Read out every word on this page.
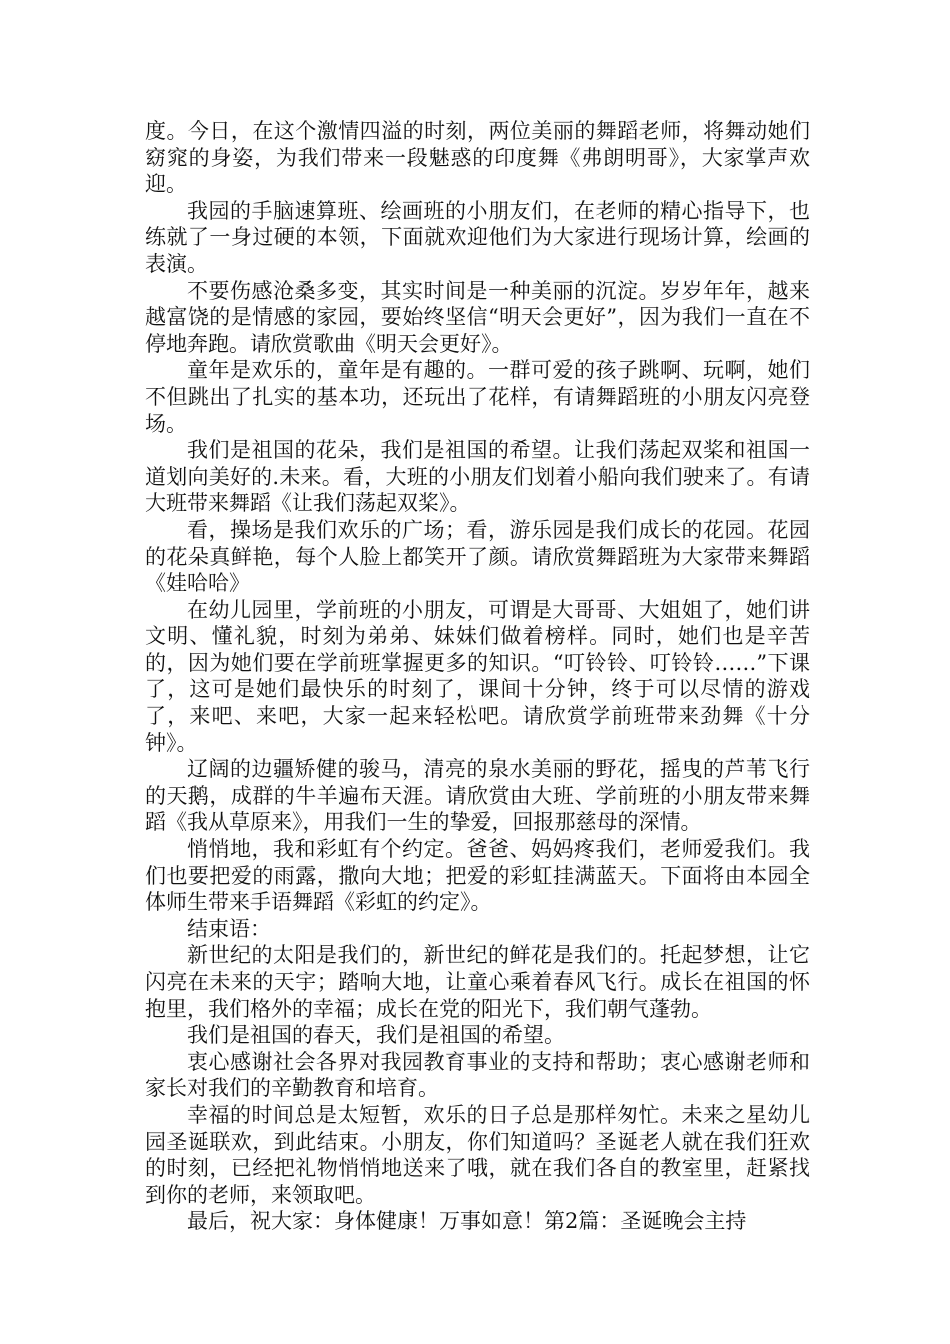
度。今日，在这个激情四溢的时刻，两位美丽的舞蹈老师，将舞动她们窈窕的身姿，为我们带来一段魅惑的印度舞《弗朗明哥》，大家掌声欢迎。

我园的手脑速算班、绘画班的小朋友们，在老师的精心指导下，也练就了一身过硬的本领，下面就欢迎他们为大家进行现场计算，绘画的表演。

不要伤感沧桑多变，其实时间是一种美丽的沉淀。岁岁年年，越来越富饶的是情感的家园，要始终坚信“明天会更好”，因为我们一直在不停地奔跑。请欣赏歌曲《明天会更好》。

童年是欢乐的，童年是有趣的。一群可爱的孩子跳啊、玩啊，她们不但跳出了扎实的基本功，还玩出了花样，有请舞蹈班的小朋友闪亮登场。

我们是祖国的花朵，我们是祖国的希望。让我们荡起双桨和祖国一道划向美好的.未来。看，大班的小朋友们划着小船向我们驶来了。有请大班带来舞蹈《让我们荡起双桨》。

看，操场是我们欢乐的广场；看，游乐园是我们成长的花园。花园的花朵真鲜艳，每个人脸上都笑开了颜。请欣赏舞蹈班为大家带来舞蹈《娃哈哈》

在幼儿园里，学前班的小朋友，可谓是大哥哥、大姐姐了，她们讲文明、懂礼貌，时刻为弟弟、妹妹们做着榜样。同时，她们也是辛苦的，因为她们要在学前班掌握更多的知识。“叮铃铃、叮铃铃……”下课了，这可是她们最快乐的时刻了，课间十分钟，终于可以尽情的游戏了，来吧、来吧，大家一起来轻松吧。请欣赏学前班带来劲舞《十分钟》。

辽阔的边疆矫健的骏马，清亮的泉水美丽的野花，摇曳的芦苇飞行的天鹅，成群的牛羊遍布天涯。请欣赏由大班、学前班的小朋友带来舞蹈《我从草原来》，用我们一生的挚爱，回报那慈母的深情。

悄悄地，我和彩虹有个约定。爸爸、妈妈疼我们，老师爱我们。我们也要把爱的雨露，撒向大地；把爱的彩虹挂满蓝天。下面将由本园全体师生带来手语舞蹈《彩虹的约定》。

结束语：

新世纪的太阳是我们的，新世纪的鲜花是我们的。托起梦想，让它闪亮在未来的天宇；踏响大地，让童心乘着春风飞行。成长在祖国的怀抱里，我们格外的幸福；成长在党的阳光下，我们朝气蓬勃。

我们是祖国的春天，我们是祖国的希望。

衷心感谢社会各界对我园教育事业的支持和帮助；衷心感谢老师和家长对我们的辛勤教育和培育。

幸福的时间总是太短暂，欢乐的日子总是那样匆忙。未来之星幼儿园圣诞联欢，到此结束。小朋友，你们知道吗？圣诞老人就在我们狂欢的时刻，已经把礼物悄悄地送来了哦，就在我们各自的教室里，赶紧找到你的老师，来领取吧。

最后，祝大家：身体健康！万事如意！第2篇：圣诞晚会主持
